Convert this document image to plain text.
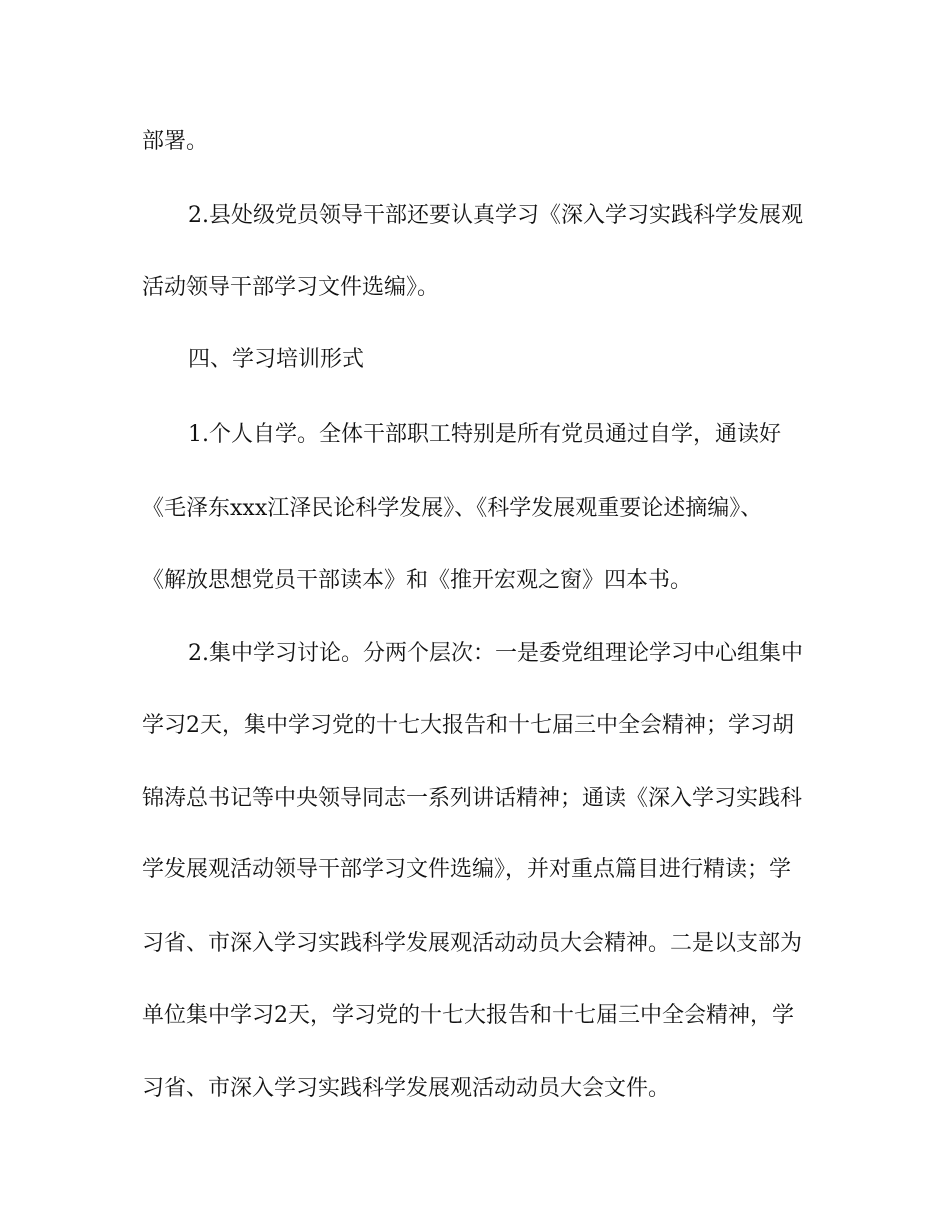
部署。
2.县处级党员领导干部还要认真学习《深入学习实践科学发展观
活动领导干部学习文件选编》。
四、学习培训形式
1.个人自学。全体干部职工特别是所有党员通过自学，通读好
《毛泽东xxx江泽民论科学发展》、《科学发展观重要论述摘编》、
《解放思想党员干部读本》和《推开宏观之窗》四本书。
2.集中学习讨论。分两个层次：一是委党组理论学习中心组集中
学习2天，集中学习党的十七大报告和十七届三中全会精神；学习胡
锦涛总书记等中央领导同志一系列讲话精神；通读《深入学习实践科
学发展观活动领导干部学习文件选编》，并对重点篇目进行精读；学
习省、市深入学习实践科学发展观活动动员大会精神。二是以支部为
单位集中学习2天，学习党的十七大报告和十七届三中全会精神，学
习省、市深入学习实践科学发展观活动动员大会文件。
